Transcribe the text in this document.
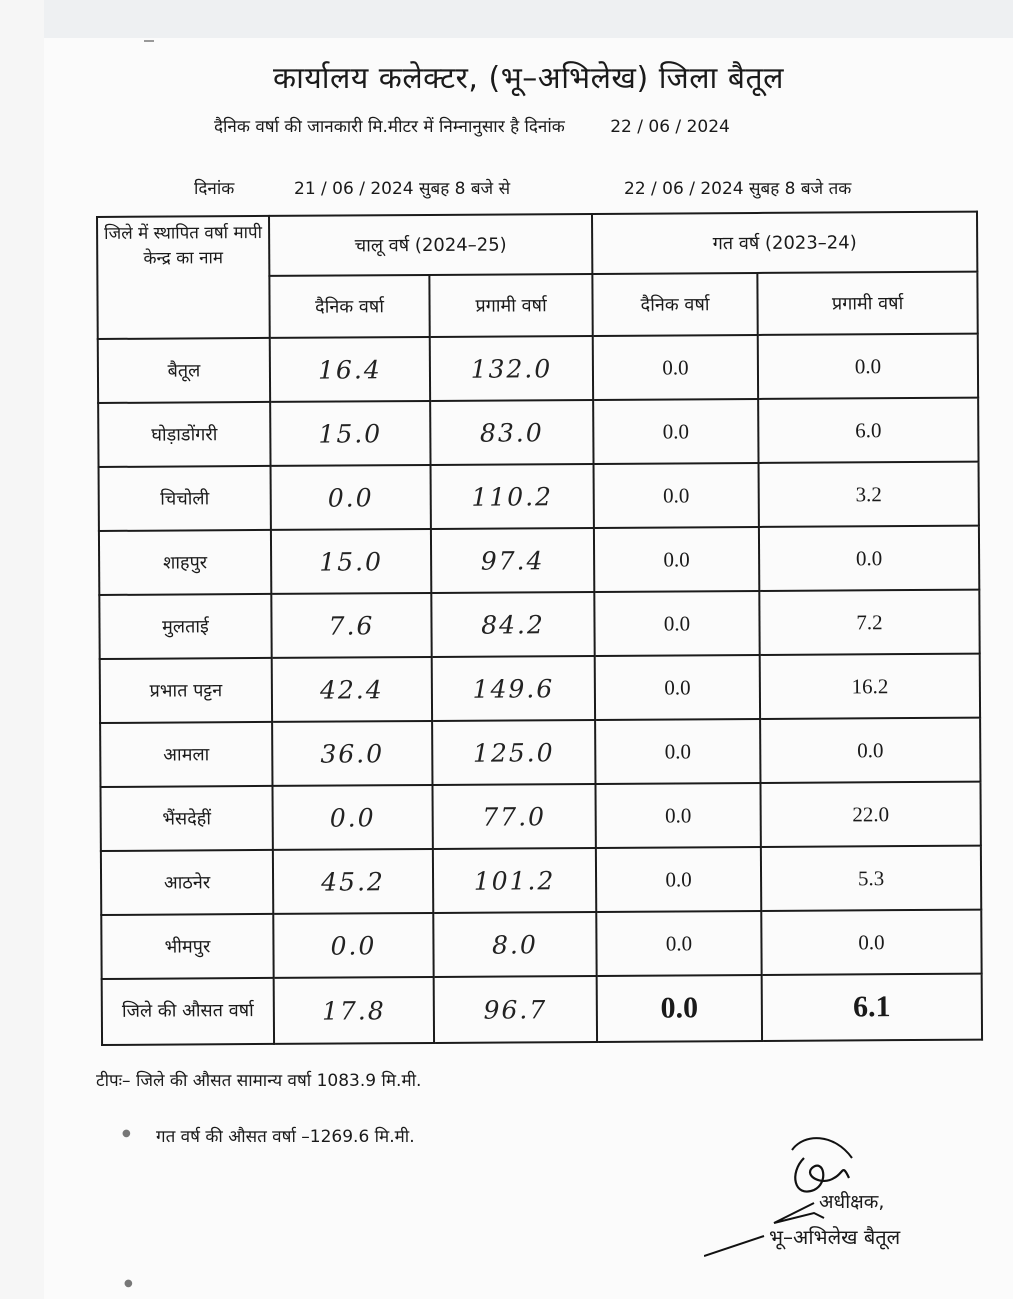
कार्यालय कलेक्टर, (भू–अभिलेख) जिला बैतूल
दैनिक वर्षा की जानकारी मि.मीटर में निम्नानुसार है दिनांक	22 / 06 / 2024
दिनांक	21 / 06 / 2024 सुबह 8 बजे से	22 / 06 / 2024 सुबह 8 बजे तक
जिले में स्थापित वर्षा मापी केन्द्र का नाम	चालू वर्ष (2024–25)		गत वर्ष (2023–24)	
	दैनिक वर्षा	प्रगामी वर्षा	दैनिक वर्षा	प्रगामी वर्षा
बैतूल	16.4	132.0	0.0	0.0
घोड़ाडोंगरी	15.0	83.0	0.0	6.0
चिचोली	0.0	110.2	0.0	3.2
शाहपुर	15.0	97.4	0.0	0.0
मुलताई	7.6	84.2	0.0	7.2
प्रभात पट्टन	42.4	149.6	0.0	16.2
आमला	36.0	125.0	0.0	0.0
भैंसदेहीं	0.0	77.0	0.0	22.0
आठनेर	45.2	101.2	0.0	5.3
भीमपुर	0.0	8.0	0.0	0.0
जिले की औसत वर्षा	17.8	96.7	0.0	6.1
टीपः– जिले की औसत सामान्य वर्षा 1083.9 मि.मी.
● गत वर्ष की औसत वर्षा –1269.6 मि.मी.
अधीक्षक,
भू–अभिलेख बैतूल
●
